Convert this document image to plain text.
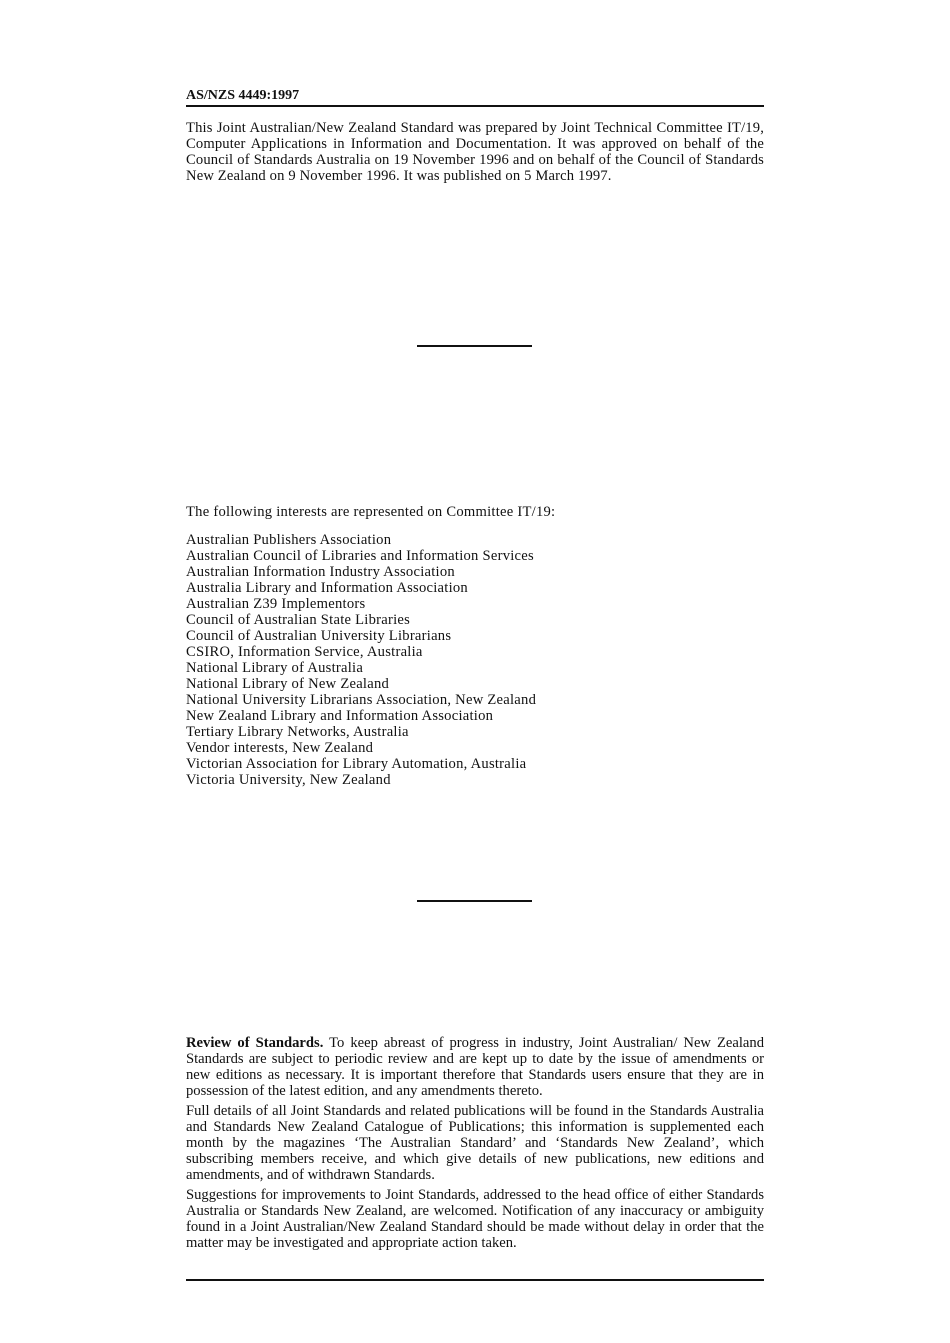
AS/NZS 4449:1997

This Joint Australian/New Zealand Standard was prepared by Joint Technical Committee IT/19, Computer Applications in Information and Documentation. It was approved on behalf of the Council of Standards Australia on 19 November 1996 and on behalf of the Council of Standards New Zealand on 9 November 1996. It was published on 5 March 1997.

The following interests are represented on Committee IT/19:

Australian Publishers Association
Australian Council of Libraries and Information Services
Australian Information Industry Association
Australia Library and Information Association
Australian Z39 Implementors
Council of Australian State Libraries
Council of Australian University Librarians
CSIRO, Information Service, Australia
National Library of Australia
National Library of New Zealand
National University Librarians Association, New Zealand
New Zealand Library and Information Association
Tertiary Library Networks, Australia
Vendor interests, New Zealand
Victorian Association for Library Automation, Australia
Victoria University, New Zealand

Review of Standards. To keep abreast of progress in industry, Joint Australian/ New Zealand Standards are subject to periodic review and are kept up to date by the issue of amendments or new editions as necessary. It is important therefore that Standards users ensure that they are in possession of the latest edition, and any amendments thereto.

Full details of all Joint Standards and related publications will be found in the Standards Australia and Standards New Zealand Catalogue of Publications; this information is supplemented each month by the magazines ‘The Australian Standard’ and ‘Standards New Zealand’, which subscribing members receive, and which give details of new publications, new editions and amendments, and of withdrawn Standards.

Suggestions for improvements to Joint Standards, addressed to the head office of either Standards Australia or Standards New Zealand, are welcomed. Notification of any inaccuracy or ambiguity found in a Joint Australian/New Zealand Standard should be made without delay in order that the matter may be investigated and appropriate action taken.
